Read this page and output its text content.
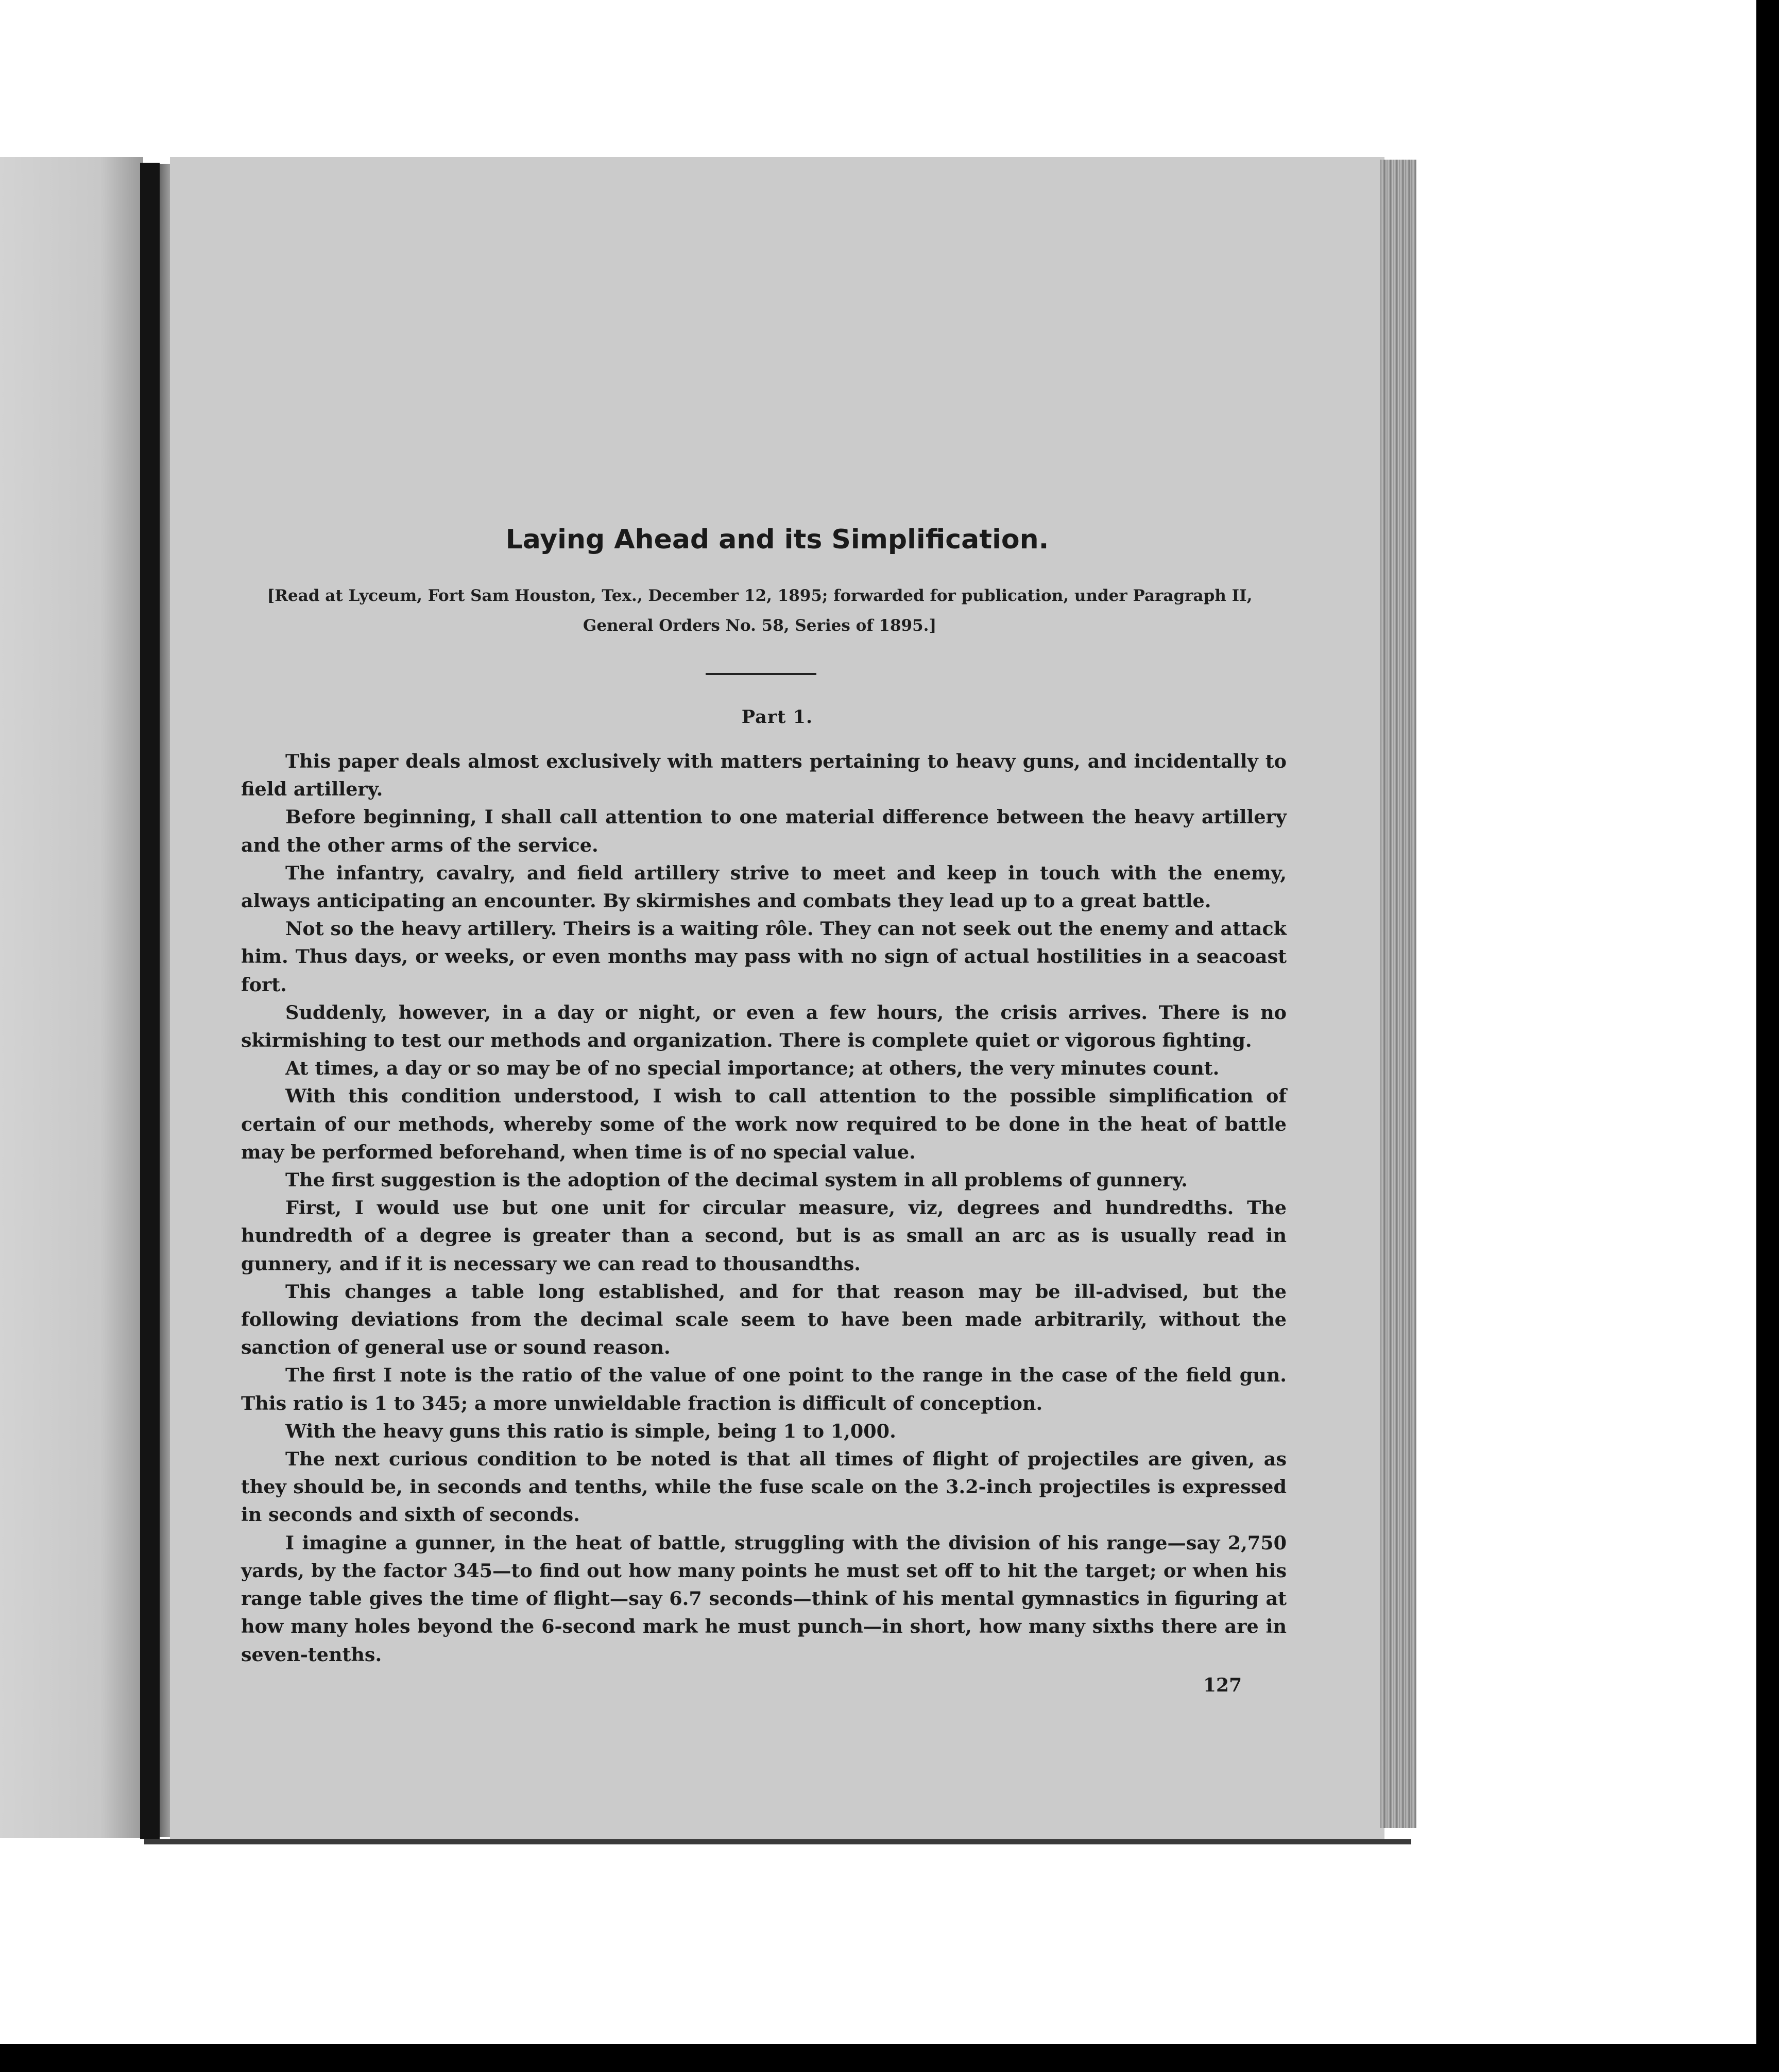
Laying Ahead and its Simplification.

[Read at Lyceum, Fort Sam Houston, Tex., December 12, 1895; forwarded for publication, under Paragraph II, General Orders No. 58, Series of 1895.]

Part 1.

This paper deals almost exclusively with matters pertaining to heavy guns, and incidentally to field artillery.

Before beginning, I shall call attention to one material difference between the heavy artillery and the other arms of the service.

The infantry, cavalry, and field artillery strive to meet and keep in touch with the enemy, always anticipating an encounter. By skirmishes and combats they lead up to a great battle.

Not so the heavy artillery. Theirs is a waiting rôle. They can not seek out the enemy and attack him. Thus days, or weeks, or even months may pass with no sign of actual hostilities in a seacoast fort.

Suddenly, however, in a day or night, or even a few hours, the crisis arrives. There is no skirmishing to test our methods and organization. There is complete quiet or vigorous fighting.

At times, a day or so may be of no special importance; at others, the very minutes count.

With this condition understood, I wish to call attention to the possible simplification of certain of our methods, whereby some of the work now required to be done in the heat of battle may be performed beforehand, when time is of no special value.

The first suggestion is the adoption of the decimal system in all problems of gunnery.

First, I would use but one unit for circular measure, viz, degrees and hundredths. The hundredth of a degree is greater than a second, but is as small an arc as is usually read in gunnery, and if it is necessary we can read to thousandths.

This changes a table long established, and for that reason may be ill-advised, but the following deviations from the decimal scale seem to have been made arbitrarily, without the sanction of general use or sound reason.

The first I note is the ratio of the value of one point to the range in the case of the field gun. This ratio is 1 to 345; a more unwieldable fraction is difficult of conception.

With the heavy guns this ratio is simple, being 1 to 1,000.

The next curious condition to be noted is that all times of flight of projectiles are given, as they should be, in seconds and tenths, while the fuse scale on the 3.2-inch projectiles is expressed in seconds and sixth of seconds.

I imagine a gunner, in the heat of battle, struggling with the division of his range—say 2,750 yards, by the factor 345—to find out how many points he must set off to hit the target; or when his range table gives the time of flight—say 6.7 seconds—think of his mental gymnastics in figuring at how many holes beyond the 6-second mark he must punch—in short, how many sixths there are in seven-tenths.

127
